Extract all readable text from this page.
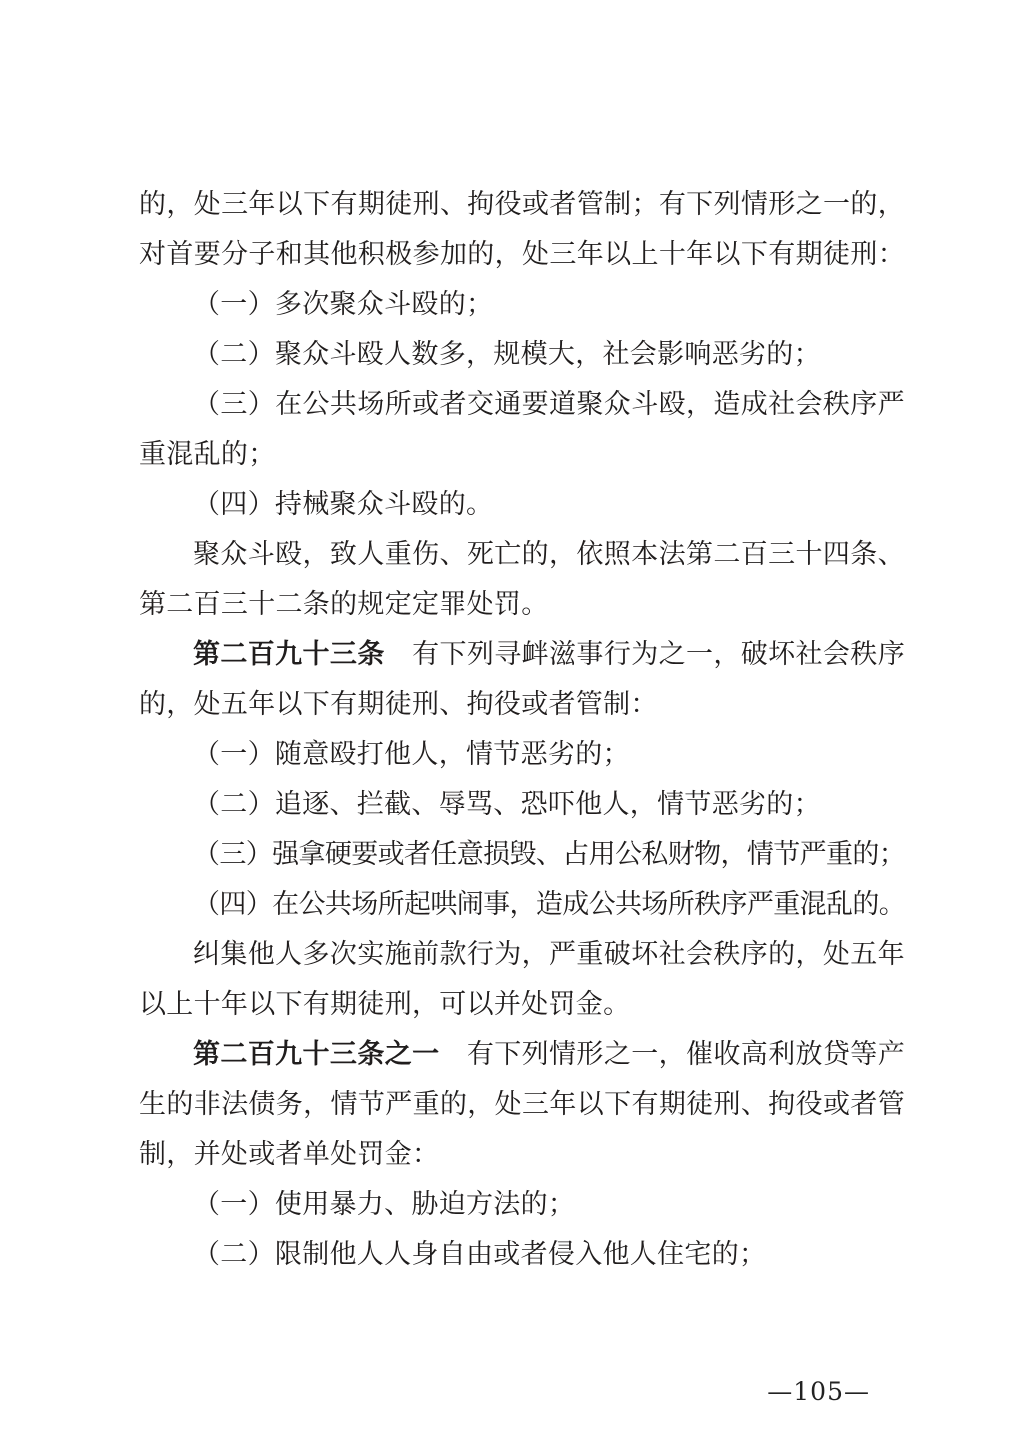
的，处三年以下有期徒刑、拘役或者管制；有下列情形之一的，
对首要分子和其他积极参加的，处三年以上十年以下有期徒刑：
（一）多次聚众斗殴的；
（二）聚众斗殴人数多，规模大，社会影响恶劣的；
（三）在公共场所或者交通要道聚众斗殴，造成社会秩序严
重混乱的；
（四）持械聚众斗殴的。
聚众斗殴，致人重伤、死亡的，依照本法第二百三十四条、
第二百三十二条的规定定罪处罚。
第二百九十三条　有下列寻衅滋事行为之一，破坏社会秩序
的，处五年以下有期徒刑、拘役或者管制：
（一）随意殴打他人，情节恶劣的；
（二）追逐、拦截、辱骂、恐吓他人，情节恶劣的；
（三）强拿硬要或者任意损毁、占用公私财物，情节严重的；
（四）在公共场所起哄闹事，造成公共场所秩序严重混乱的。
纠集他人多次实施前款行为，严重破坏社会秩序的，处五年
以上十年以下有期徒刑，可以并处罚金。
第二百九十三条之一　有下列情形之一，催收高利放贷等产
生的非法债务，情节严重的，处三年以下有期徒刑、拘役或者管
制，并处或者单处罚金：
（一）使用暴力、胁迫方法的；
（二）限制他人人身自由或者侵入他人住宅的；
—105—
